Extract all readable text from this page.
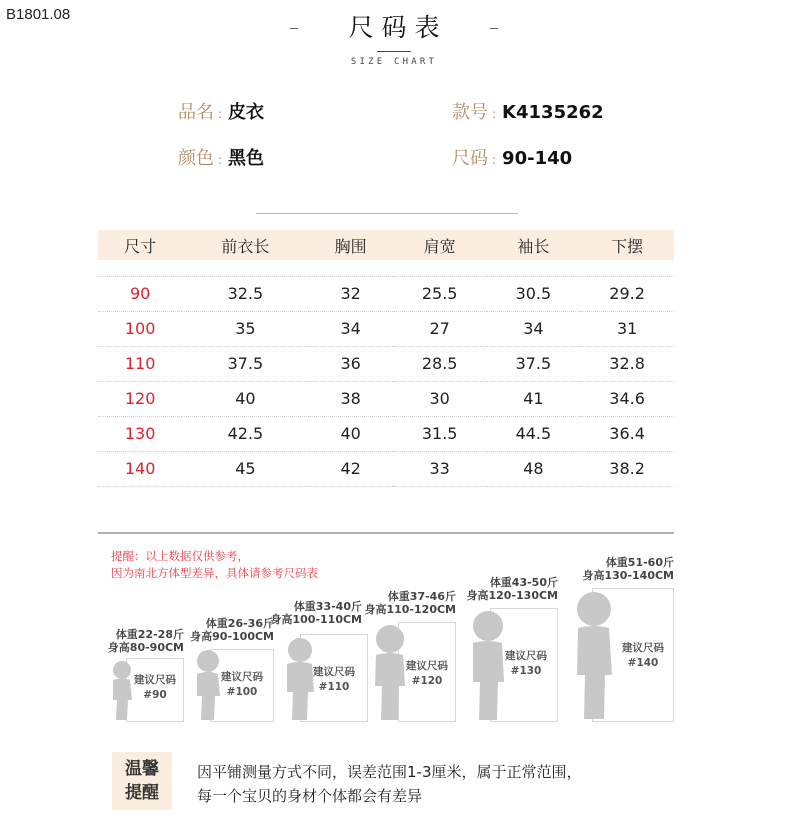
B1801.08	尺码表
SIZE CHART
品名 : 皮衣	款号 : K4135262
颜色 : 黑色	尺码 : 90-140
尺寸	前衣长	胸围	肩宽	袖长	下摆

90	32.5	32	25.5	30.5	29.2
100	35	34	27	34	31
110	37.5	36	28.5	37.5	32.8
120	40	38	30	41	34.6
130	42.5	40	31.5	44.5	36.4
140	45	42	33	48	38.2
提醒：以上数据仅供参考，
因为南北方体型差异，具体请参考尺码表
体重22-28斤
身高80-90CM
建议尺码
#90
体重26-36斤
身高90-100CM
建议尺码
#100
体重33-40斤
身高100-110CM
建议尺码
#110
体重37-46斤
身高110-120CM
建议尺码
#120
体重43-50斤
身高120-130CM
建议尺码
#130
体重51-60斤
身高130-140CM
建议尺码
#140
温馨
提醒
因平铺测量方式不同，误差范围1-3厘米，属于正常范围，
每一个宝贝的身材个体都会有差异
